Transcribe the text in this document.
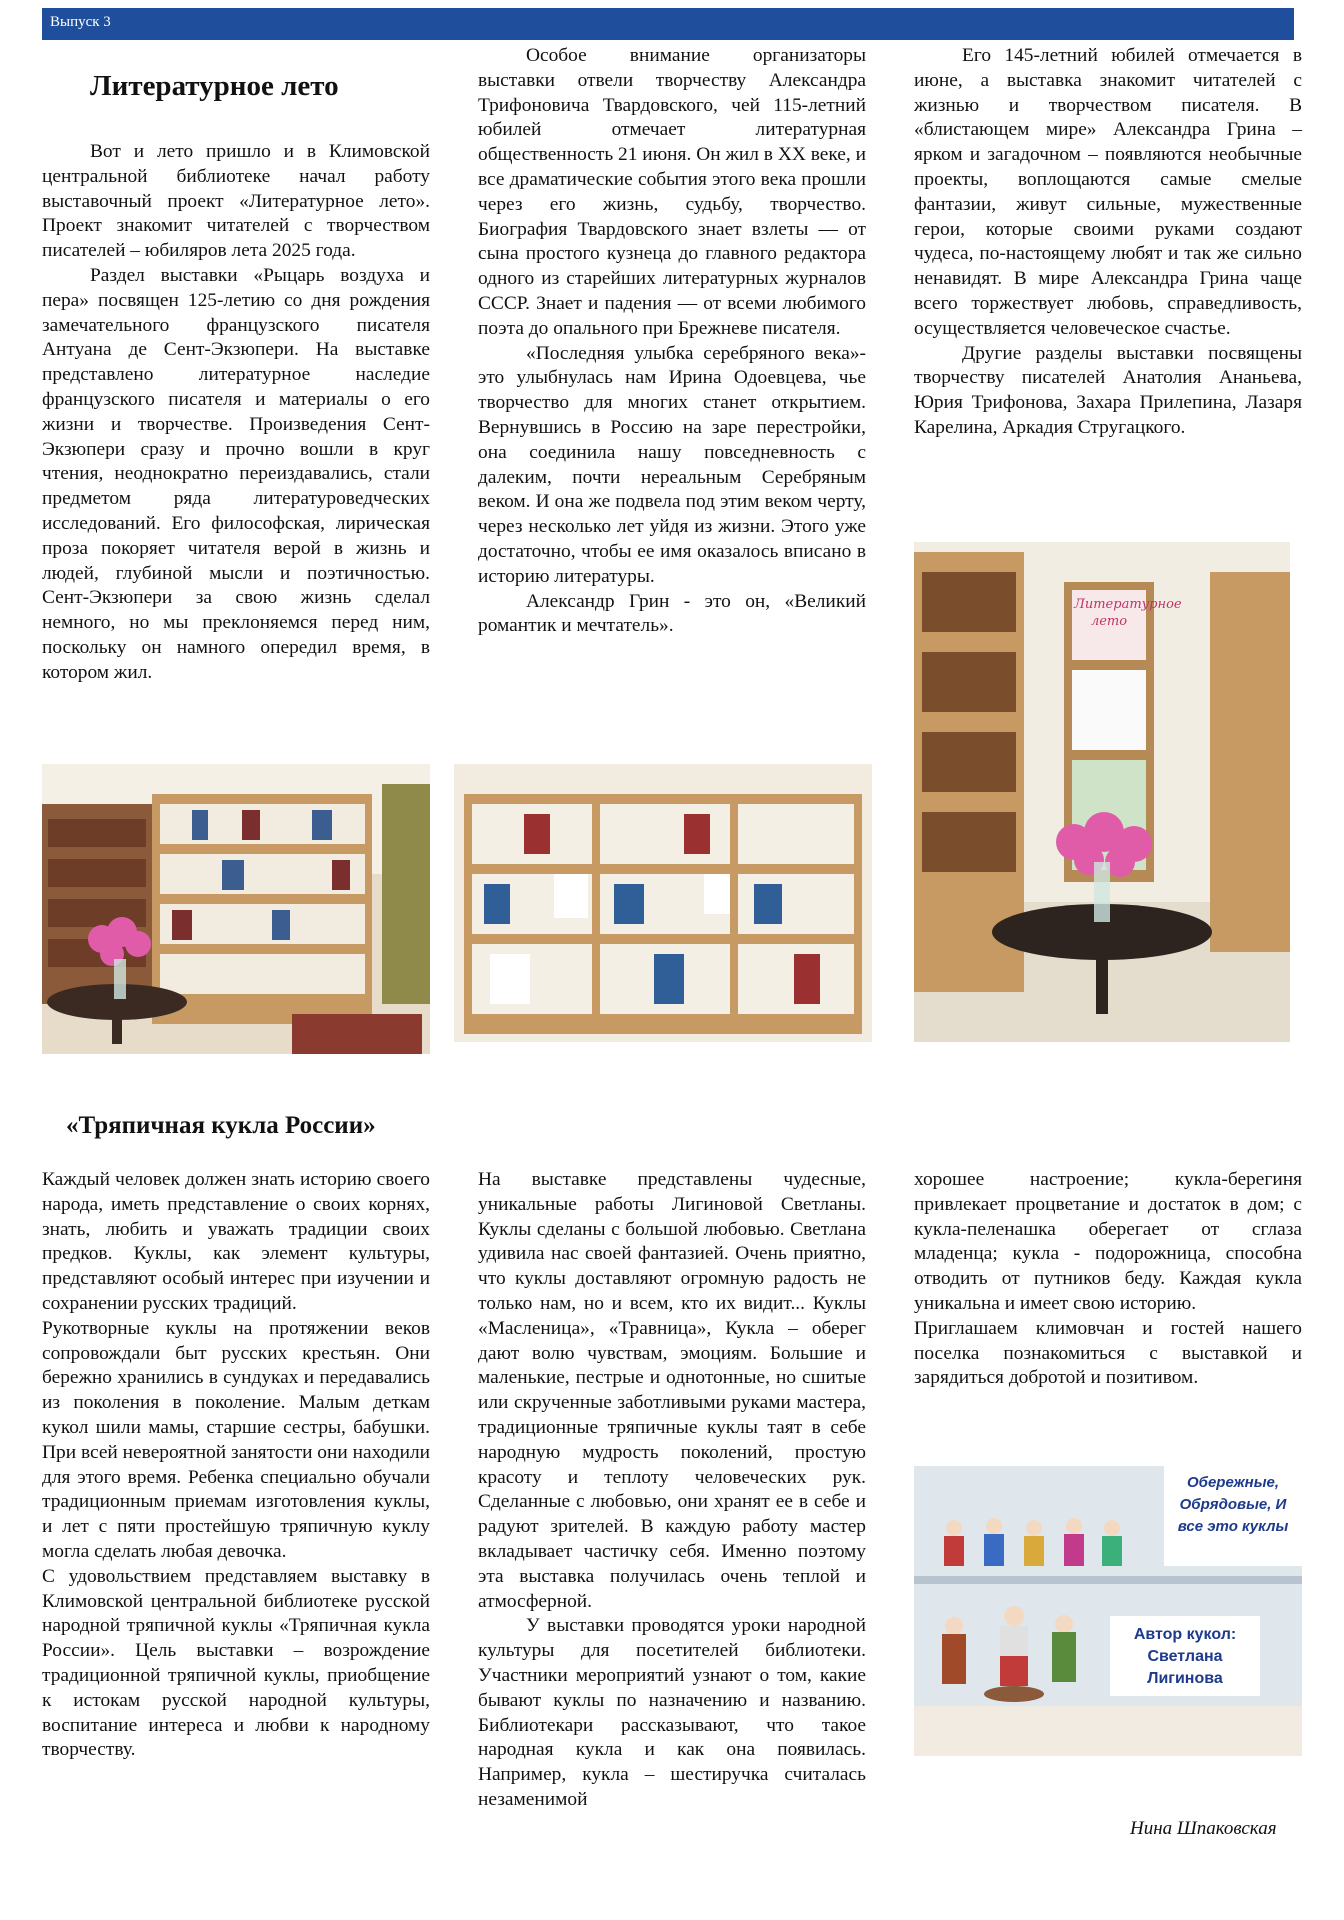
Выпуск 3
Литературное лето

Вот и лето пришло и в Климовской центральной библиотеке начал работу выставочный проект «Литературное лето». Проект знакомит читателей с творчеством писателей – юбиляров лета 2025 года.

Раздел выставки «Рыцарь воздуха и пера» посвящен 125-летию со дня рождения замечательного французского писателя Антуана де Сент-Экзюпери. На выставке представлено литературное наследие французского писателя и материалы о его жизни и творчестве. Произведения Сент-Экзюпери сразу и прочно вошли в круг чтения, неоднократно переиздавались, стали предметом ряда литературоведческих исследований. Его философская, лирическая проза покоряет читателя верой в жизнь и людей, глубиной мысли и поэтичностью. Сент-Экзюпери за свою жизнь сделал немного, но мы преклоняемся перед ним, поскольку он намного опередил время, в котором жил.

Особое внимание организаторы выставки отвели творчеству Александра Трифоновича Твардовского, чей 115-летний юбилей отмечает литературная общественность 21 июня. Он жил в XX веке, и все драматические события этого века прошли через его жизнь, судьбу, творчество. Биография Твардовского знает взлеты — от сына простого кузнеца до главного редактора одного из старейших литературных журналов СССР. Знает и падения — от всеми любимого поэта до опального при Брежневе писателя.

«Последняя улыбка серебряного века»-это улыбнулась нам Ирина Одоевцева, чье творчество для многих станет открытием. Вернувшись в Россию на заре перестройки, она соединила нашу повседневность с далеким, почти нереальным Серебряным веком. И она же подвела под этим веком черту, через несколько лет уйдя из жизни. Этого уже достаточно, чтобы ее имя оказалось вписано в историю литературы.

Александр Грин - это он, «Великий романтик и мечтатель».

Его 145-летний юбилей отмечается в июне, а выставка знакомит читателей с жизнью и творчеством писателя. В «блистающем мире» Александра Грина – ярком и загадочном – появляются необычные проекты, воплощаются самые смелые фантазии, живут сильные, мужественные герои, которые своими руками создают чудеса, по-настоящему любят и так же сильно ненавидят. В мире Александра Грина чаще всего торжествует любовь, справедливость, осуществляется человеческое счастье.

Другие разделы выставки посвящены творчеству писателей Анатолия Ананьева, Юрия Трифонова, Захара Прилепина, Лазаря Карелина, Аркадия Стругацкого.

Литературное лето
«Тряпичная кукла России»

Каждый человек должен знать историю своего народа, иметь представление о своих корнях, знать, любить и уважать традиции своих предков. Куклы, как элемент культуры, представляют особый интерес при изучении и сохранении русских традиций.

Рукотворные куклы на протяжении веков сопровождали быт русских крестьян. Они бережно хранились в сундуках и передавались из поколения в поколение. Малым деткам кукол шили мамы, старшие сестры, бабушки. При всей невероятной занятости они находили для этого время. Ребенка специально обучали традиционным приемам изготовления куклы, и лет с пяти простейшую тряпичную куклу могла сделать любая девочка.

С удовольствием представляем выставку в Климовской центральной библиотеке русской народной тряпичной куклы «Тряпичная кукла России». Цель выставки – возрождение традиционной тряпичной куклы, приобщение к истокам русской народной культуры, воспитание интереса и любви к народному творчеству.

На выставке представлены чудесные, уникальные работы Лигиновой Светланы. Куклы сделаны с большой любовью. Светлана удивила нас своей фантазией. Очень приятно, что куклы доставляют огромную радость не только нам, но и всем, кто их видит... Куклы «Масленица», «Травница», Кукла – оберег дают волю чувствам, эмоциям. Большие и маленькие, пестрые и однотонные, но сшитые или скрученные заботливыми руками мастера, традиционные тряпичные куклы таят в себе народную мудрость поколений, простую красоту и теплоту человеческих рук. Сделанные с любовью, они хранят ее в себе и радуют зрителей. В каждую работу мастер вкладывает частичку себя. Именно поэтому эта выставка получилась очень теплой и атмосферной.

У выставки проводятся уроки народной культуры для посетителей библиотеки. Участники мероприятий узнают о том, какие бывают куклы по назначению и названию. Библиотекари рассказывают, что такое народная кукла и как она появилась. Например, кукла – шестиручка считалась незаменимой

хорошее настроение; кукла-берегиня привлекает процветание и достаток в дом; с кукла-пеленашка оберегает от сглаза младенца; кукла - подорожница, способна отводить от путников беду. Каждая кукла уникальна и имеет свою историю.

Приглашаем климовчан и гостей нашего поселка познакомиться с выставкой и зарядиться добротой и позитивом.

Обережные, Обрядовые, И все это куклы
Автор кукол: Светлана Лигинова
Нина Шпаковская
